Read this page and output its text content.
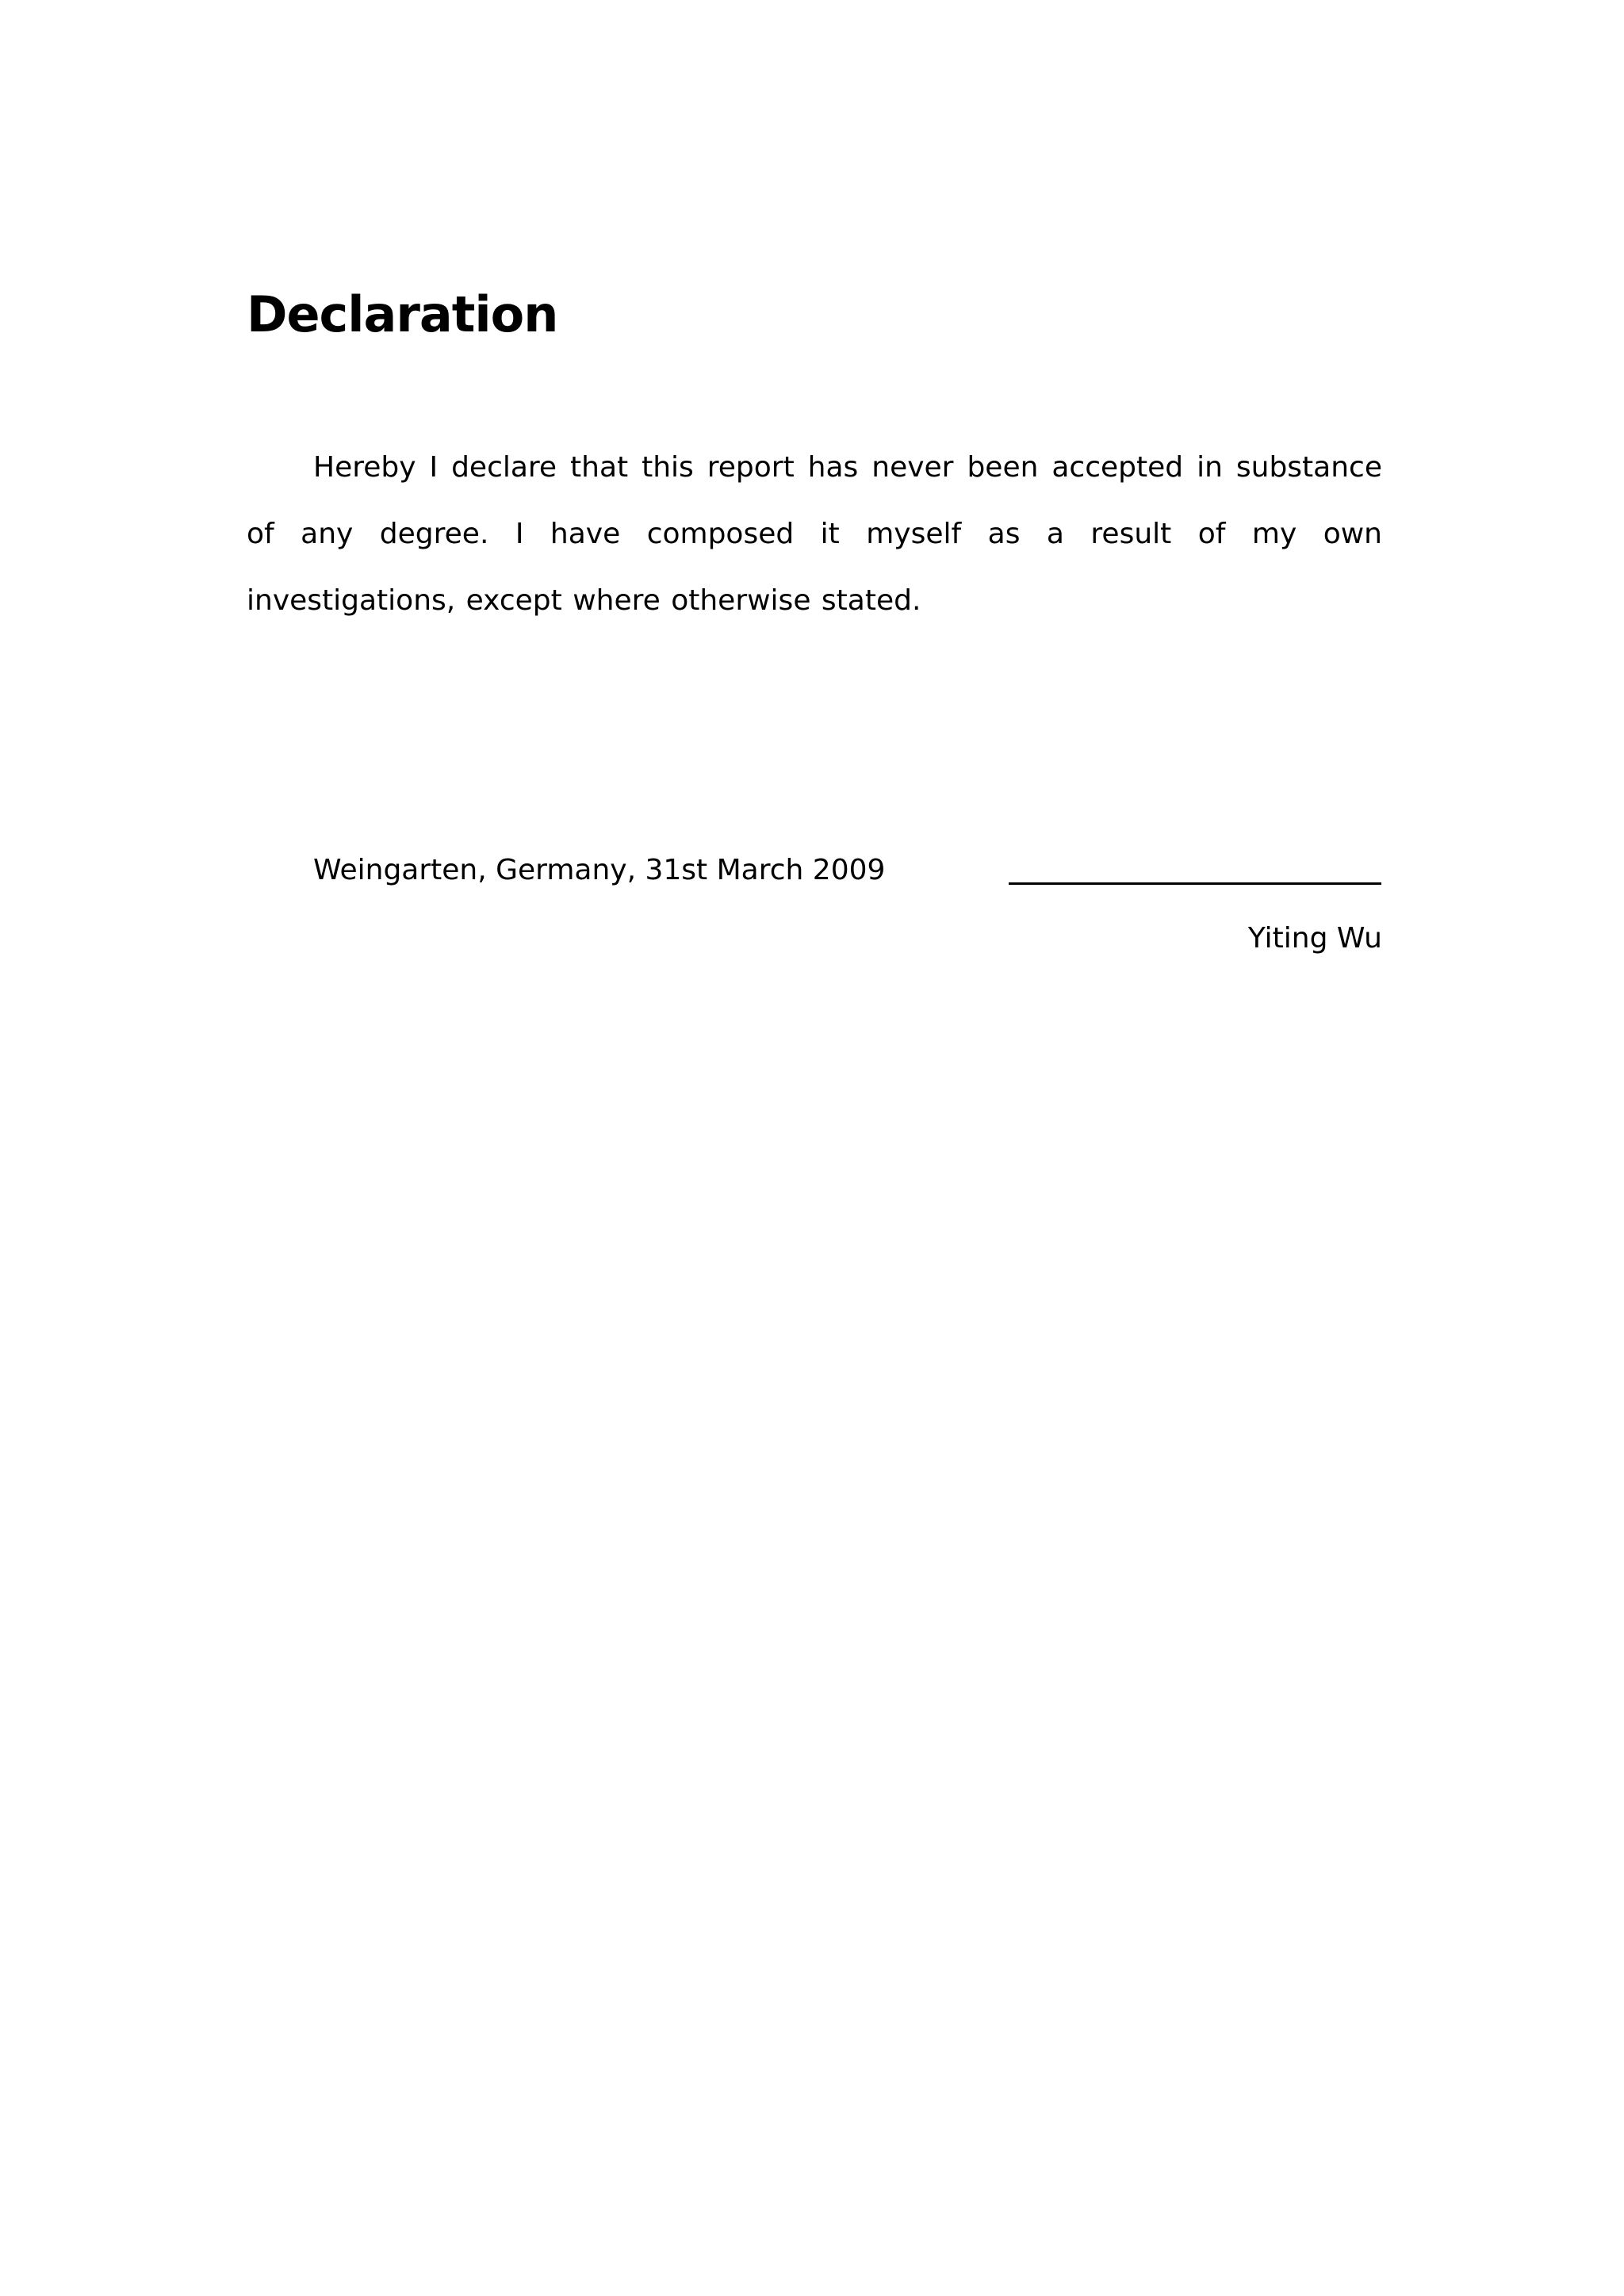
Declaration

Hereby I declare that this report has never been accepted in substance of any degree. I have composed it myself as a result of my own investigations, except where otherwise stated.

Weingarten, Germany, 31st March 2009
Yiting Wu
